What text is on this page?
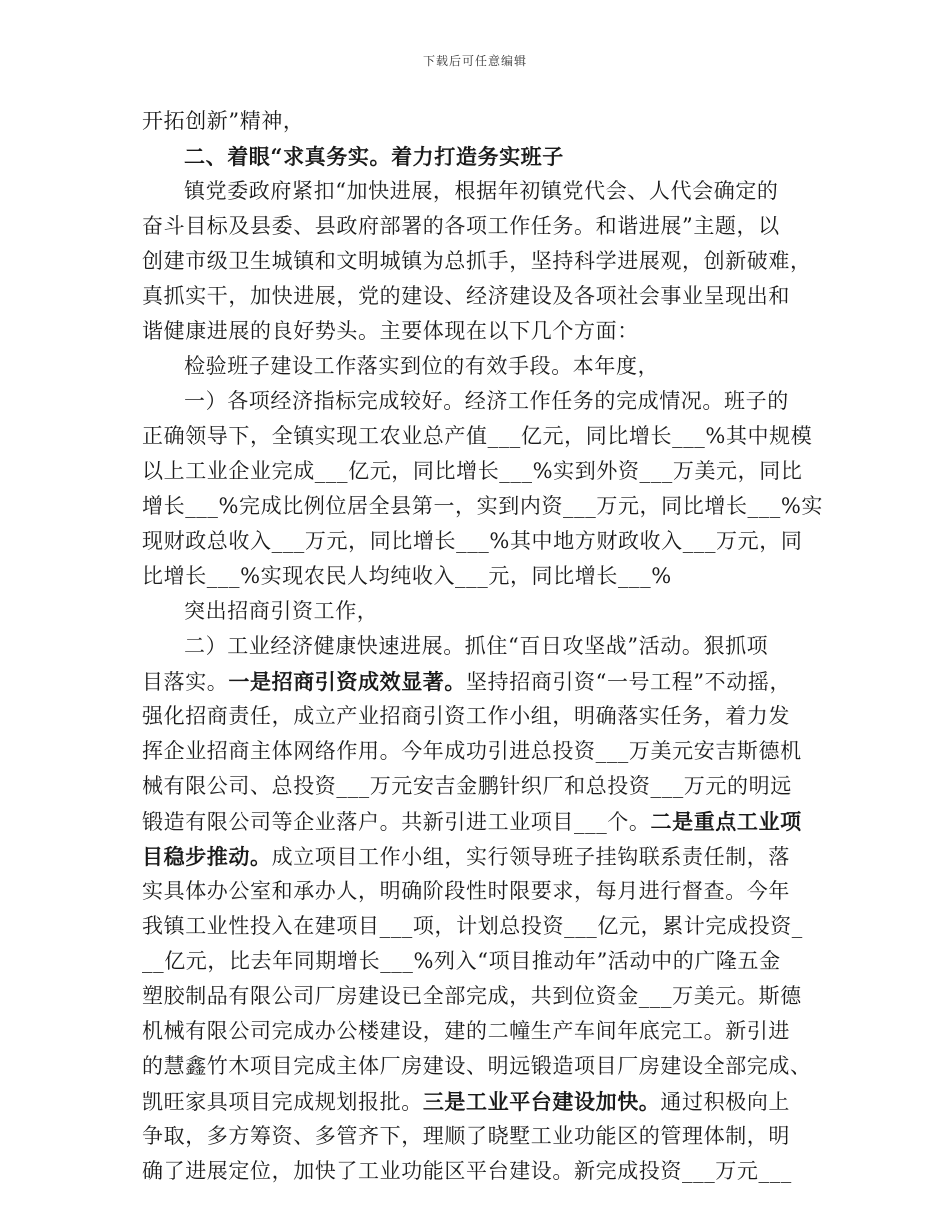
下载后可任意编辑
开拓创新”精神，
二、着眼“求真务实。着力打造务实班子
镇党委政府紧扣“加快进展，根据年初镇党代会、人代会确定的
奋斗目标及县委、县政府部署的各项工作任务。和谐进展”主题，以
创建市级卫生城镇和文明城镇为总抓手，坚持科学进展观，创新破难，
真抓实干，加快进展，党的建设、经济建设及各项社会事业呈现出和
谐健康进展的良好势头。主要体现在以下几个方面：
检验班子建设工作落实到位的有效手段。本年度，
一）各项经济指标完成较好。经济工作任务的完成情况。班子的
正确领导下，全镇实现工农业总产值___亿元，同比增长___%其中规模
以上工业企业完成___亿元，同比增长___%实到外资___万美元，同比
增长___%完成比例位居全县第一，实到内资___万元，同比增长___%实
现财政总收入___万元，同比增长___%其中地方财政收入___万元，同
比增长___%实现农民人均纯收入___元，同比增长___%
突出招商引资工作，
二）工业经济健康快速进展。抓住“百日攻坚战”活动。狠抓项
目落实。一是招商引资成效显著。坚持招商引资“一号工程”不动摇，
强化招商责任，成立产业招商引资工作小组，明确落实任务，着力发
挥企业招商主体网络作用。今年成功引进总投资___万美元安吉斯德机
械有限公司、总投资___万元安吉金鹏针织厂和总投资___万元的明远
锻造有限公司等企业落户。共新引进工业项目___个。二是重点工业项
目稳步推动。成立项目工作小组，实行领导班子挂钩联系责任制，落
实具体办公室和承办人，明确阶段性时限要求，每月进行督查。今年
我镇工业性投入在建项目___项，计划总投资___亿元，累计完成投资_
__亿元，比去年同期增长___%列入“项目推动年”活动中的广隆五金
塑胶制品有限公司厂房建设已全部完成，共到位资金___万美元。斯德
机械有限公司完成办公楼建设，建的二幢生产车间年底完工。新引进
的慧鑫竹木项目完成主体厂房建设、明远锻造项目厂房建设全部完成、
凯旺家具项目完成规划报批。三是工业平台建设加快。通过积极向上
争取，多方筹资、多管齐下，理顺了晓墅工业功能区的管理体制，明
确了进展定位，加快了工业功能区平台建设。新完成投资___万元___
